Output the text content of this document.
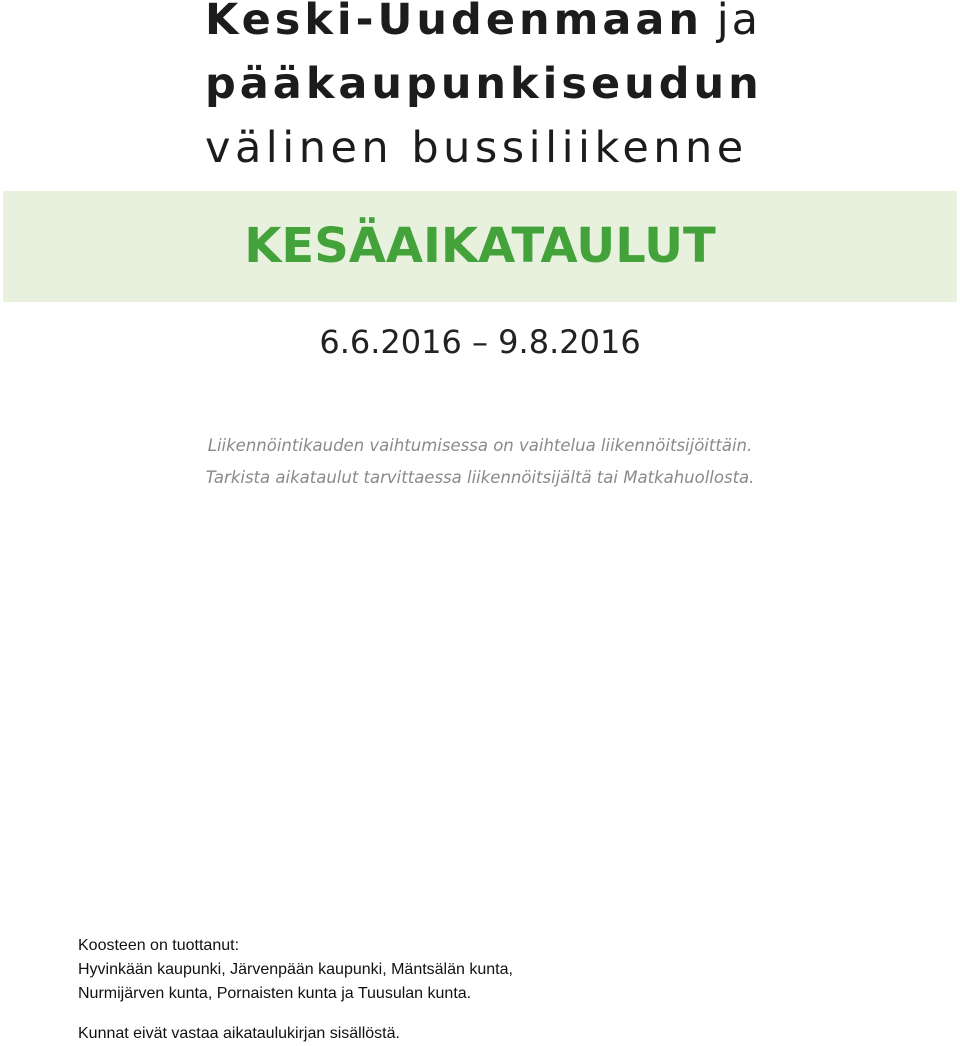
Keski-Uudenmaan ja
pääkaupunkiseudun
välinen bussiliikenne
KESÄAIKATAULUT
6.6.2016 – 9.8.2016
Liikennöintikauden vaihtumisessa on vaihtelua liikennöitsijöittäin.
Tarkista aikataulut tarvittaessa liikennöitsijältä tai Matkahuollosta.
Koosteen on tuottanut:
Hyvinkään kaupunki, Järvenpään kaupunki, Mäntsälän kunta,
Nurmijärven kunta, Pornaisten kunta ja Tuusulan kunta.
Kunnat eivät vastaa aikataulukirjan sisällöstä.
